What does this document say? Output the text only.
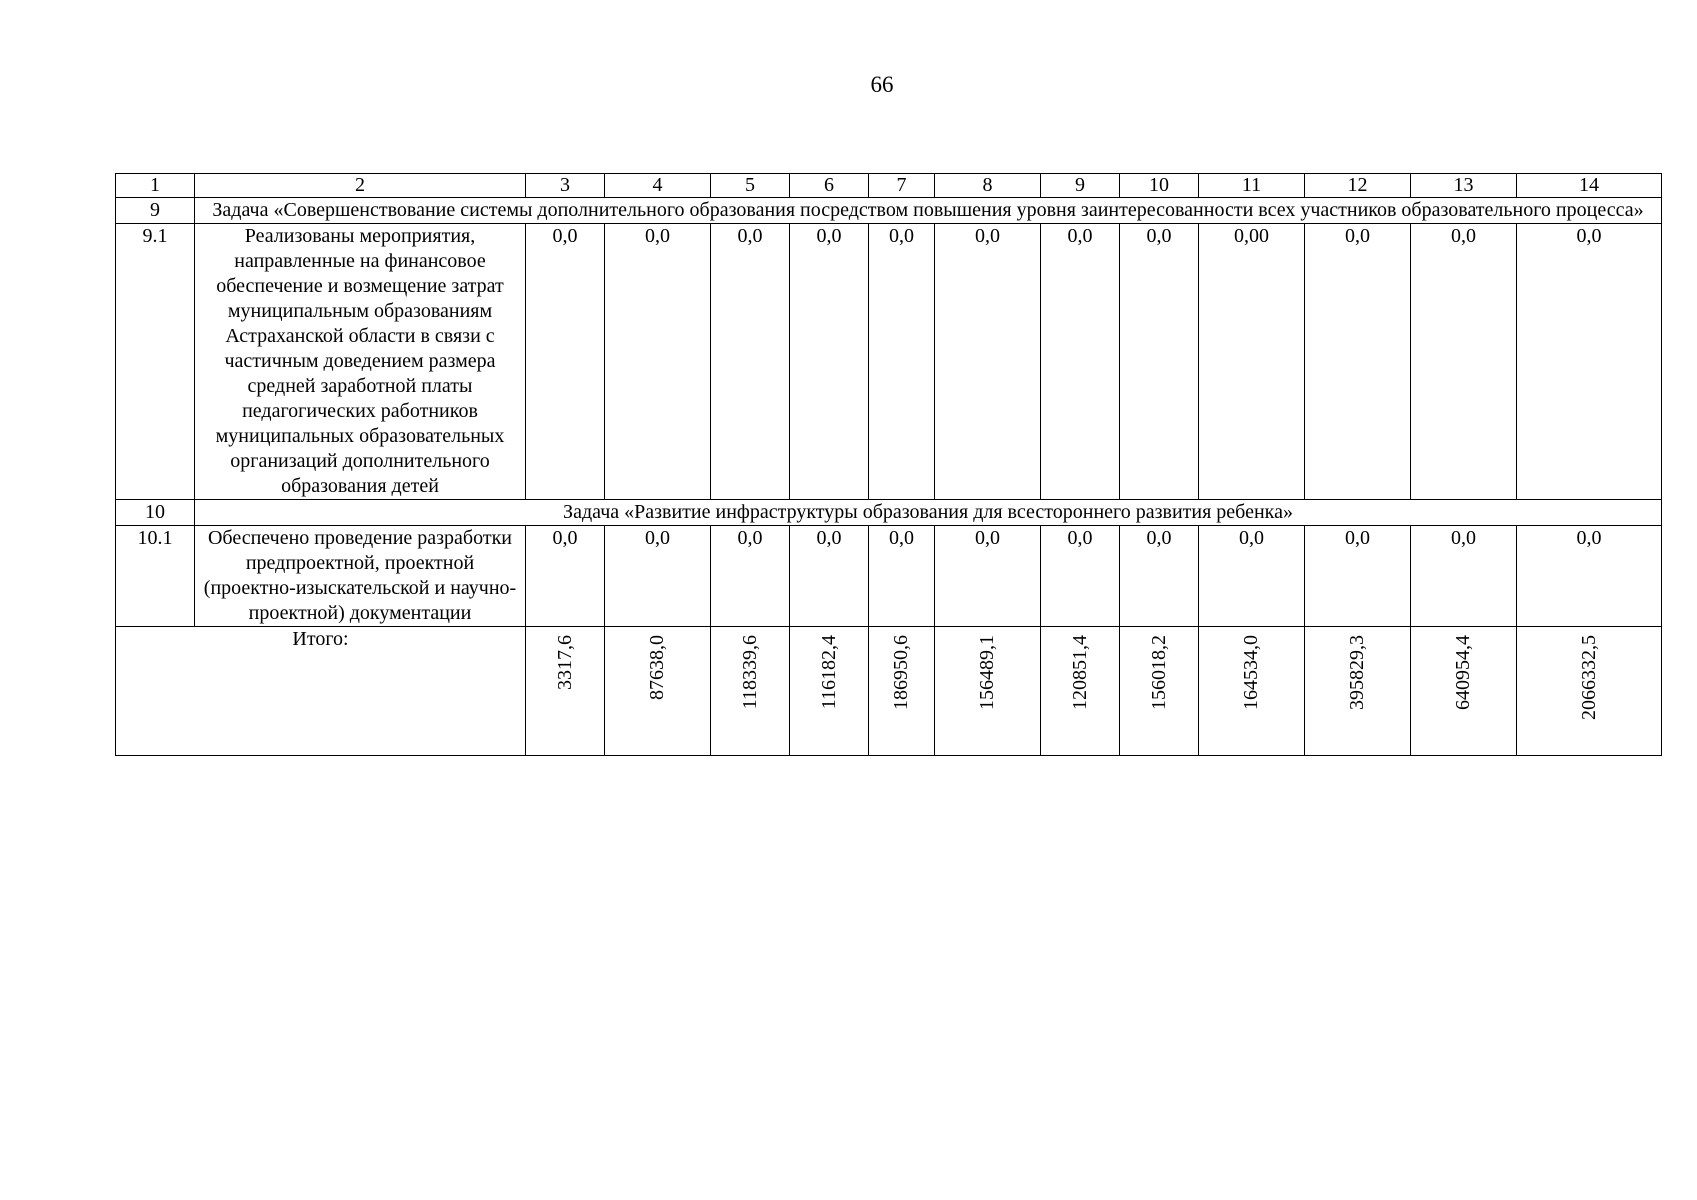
66
1	2	3	4	5	6	7	8	9	10	11	12	13	14
9	Задача «Совершенствование системы дополнительного образования посредством повышения уровня заинтересованности всех участников образовательного процесса»												
9.1	Реализованы мероприятия, направленные на финансовое обеспечение и возмещение затрат муниципальным образованиям Астраханской области в связи с частичным доведением размера средней заработной платы педагогических работников муниципальных образовательных организаций дополнительного образования детей	0,0	0,0	0,0	0,0	0,0	0,0	0,0	0,0	0,00	0,0	0,0	0,0
10	Задача «Развитие инфраструктуры образования для всестороннего развития ребенка»												
10.1	Обеспечено проведение разработки предпроектной, проектной (проектно-изыскательской и научно-проектной) документации	0,0	0,0	0,0	0,0	0,0	0,0	0,0	0,0	0,0	0,0	0,0	0,0
Итого:		3317,6	87638,0	118339,6	116182,4	186950,6	156489,1	120851,4	156018,2	164534,0	395829,3	640954,4	2066332,5
